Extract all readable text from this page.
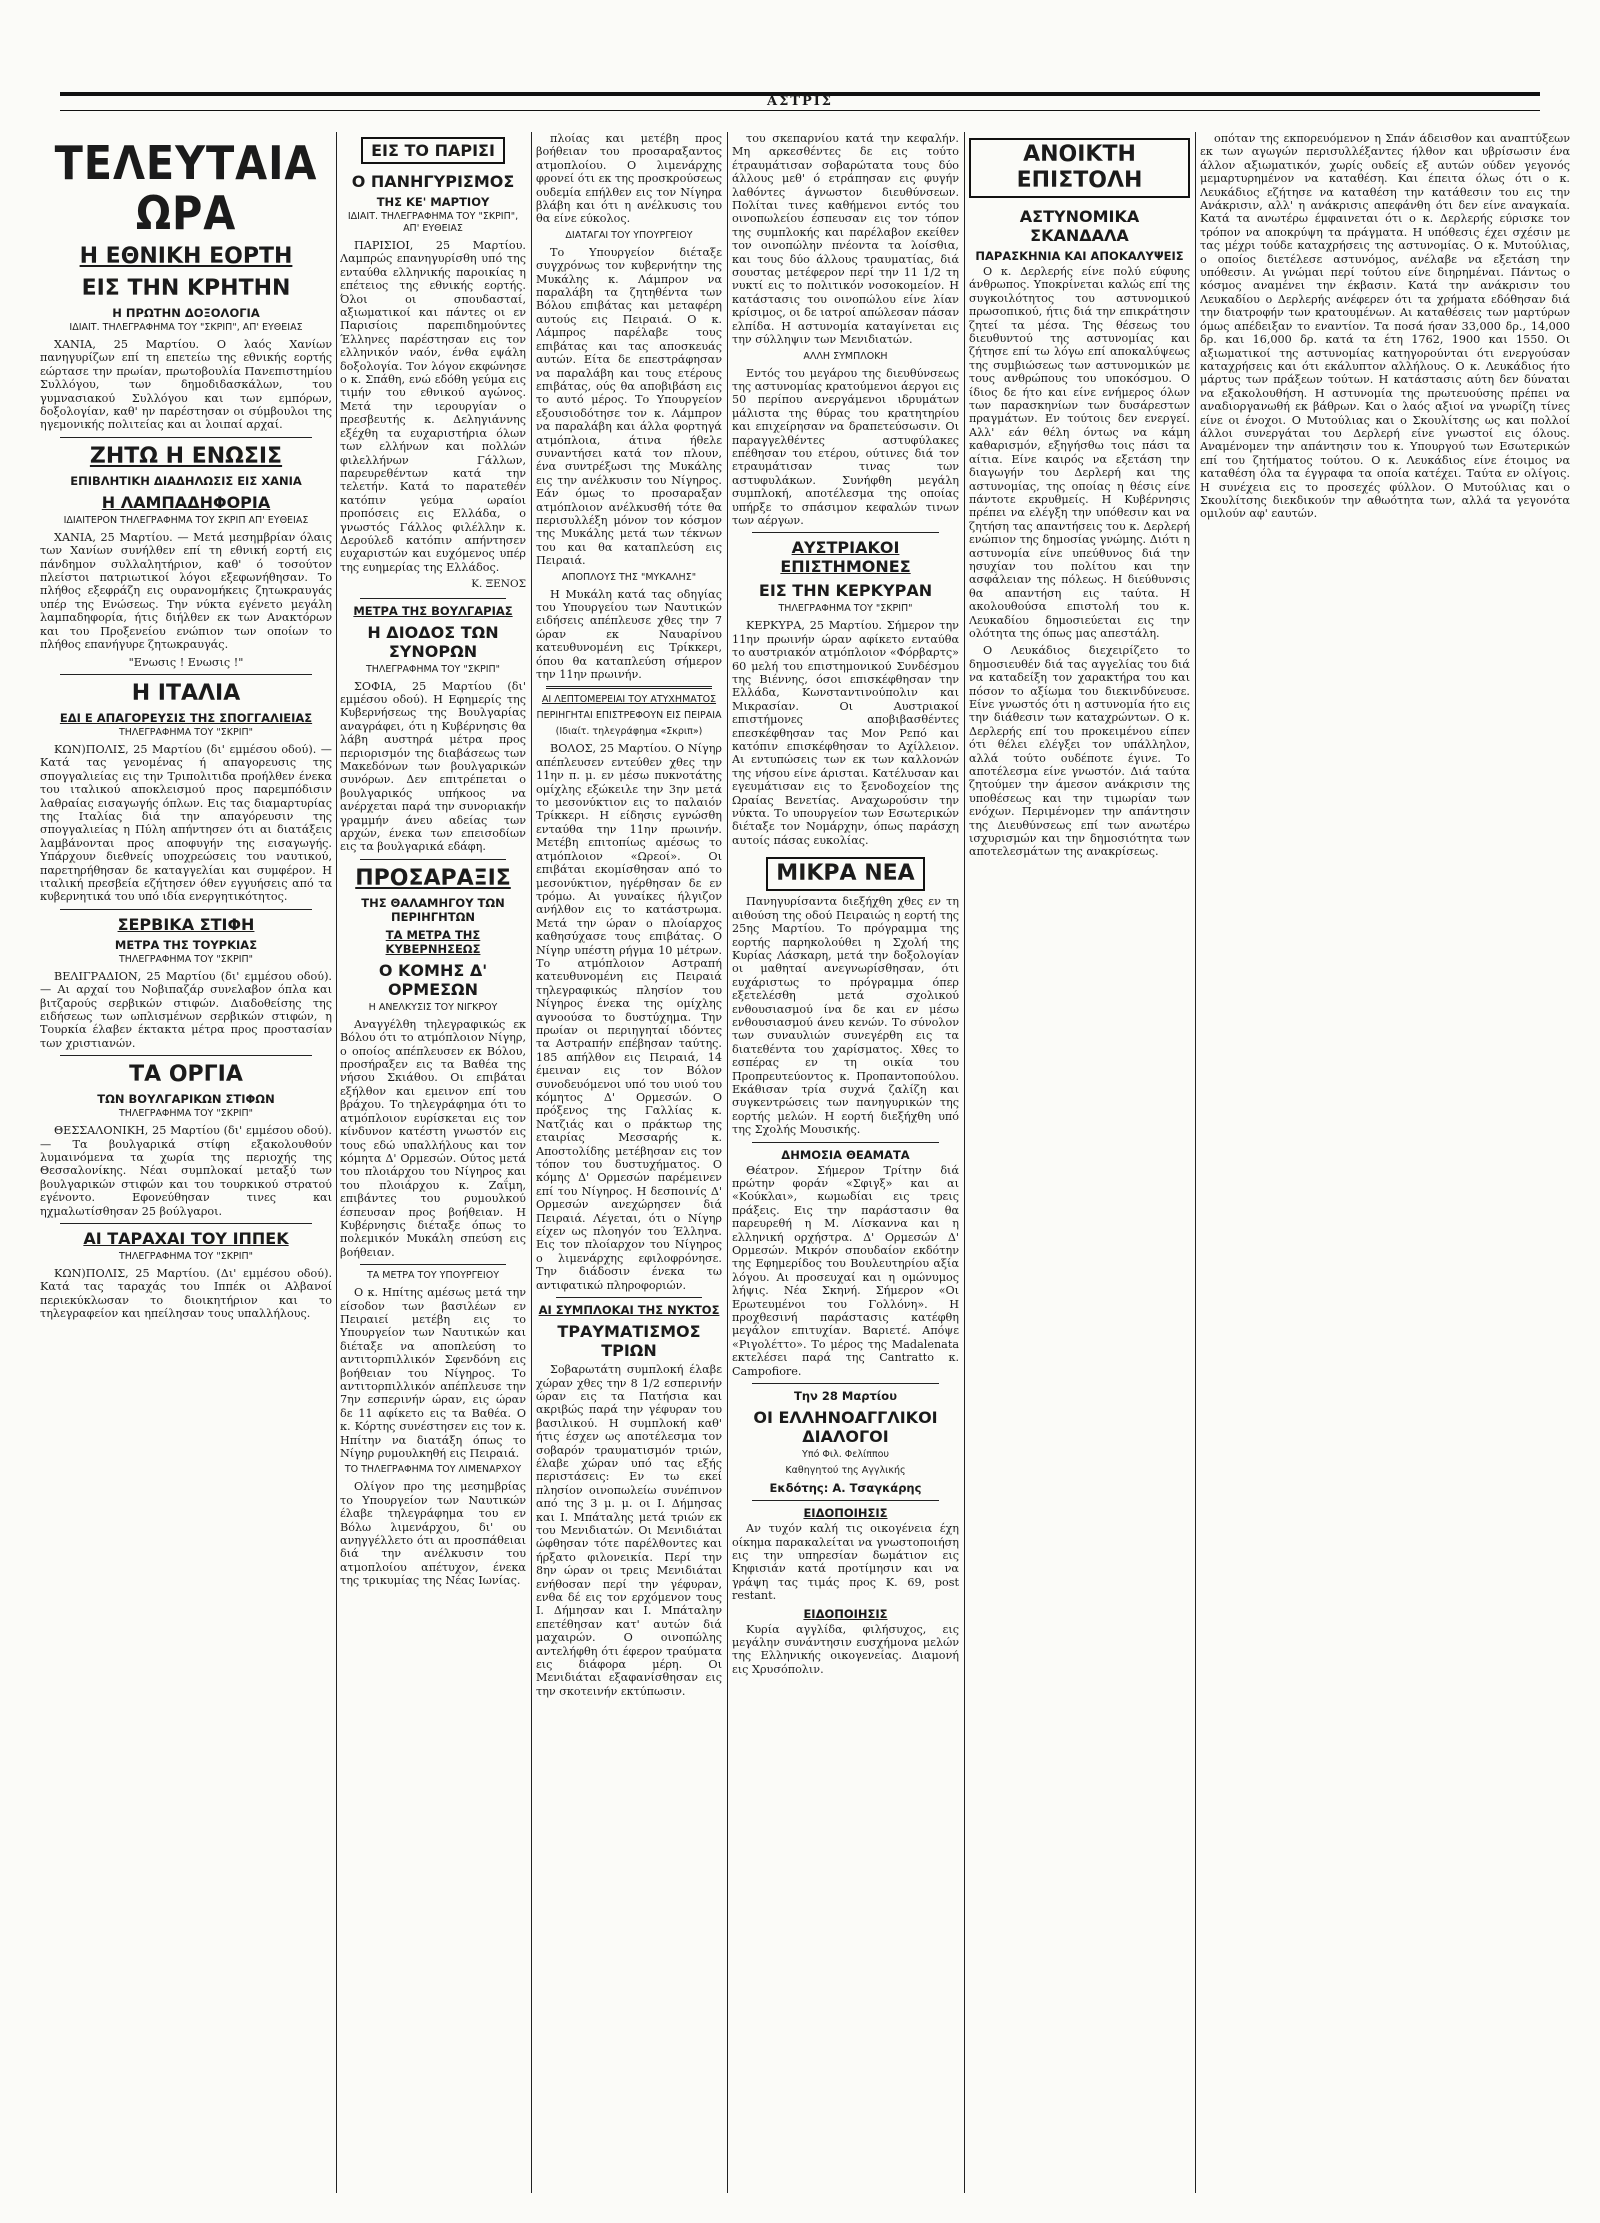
ΑΣΤΡΙΣ
ΤΕΛΕΥΤΑΙΑ ΩΡΑ
Η ΕΘΝΙΚΗ ΕΟΡΤΗ
ΕΙΣ ΤΗΝ ΚΡΗΤΗΝ
Η ΠΡΩΤΗΝ ΔΟΞΟΛΟΓΙΑ
ΙΔΙΑΙΤ. ΤΗΛΕΓΡΑΦΗΜΑ ΤΟΥ "ΣΚΡΙΠ", ΑΠ' ΕΥΘΕΙΑΣ

ΧΑΝΙΑ, 25 Μαρτίου. Ο λαός Χανίων πανηγυρίζων επί τη επετείω της εθνικής εορτής εώρτασε την πρωίαν, πρωτοβουλία Πανεπιστημίου Συλλόγου, των δημοδιδασκάλων, του γυμνασιακού Συλλόγου και των εμπόρων, δοξολογίαν, καθ' ην παρέστησαν οι σύμβουλοι της ηγεμονικής πολιτείας και αι λοιπαί αρχαί.

ΖΗΤΩ Η ΕΝΩΣΙΣ
ΕΠΙΒΛΗΤΙΚΗ ΔΙΑΔΗΛΩΣΙΣ ΕΙΣ ΧΑΝΙΑ
Η ΛΑΜΠΑΔΗΦΟΡΙΑ
ΙΔΙΑΙΤΕΡΟΝ ΤΗΛΕΓΡΑΦΗΜΑ ΤΟΥ ΣΚΡΙΠ ΑΠ' ΕΥΘΕΙΑΣ

ΧΑΝΙΑ, 25 Μαρτίου. — Μετά μεσημβρίαν όλαις των Χανίων συνήλθεν επί τη εθνική εορτή εις πάνδημον συλλαλητήριον, καθ' ό τοσούτον πλείστοι πατριωτικοί λόγοι εξεφωνήθησαν. Το πλήθος εξεφράζη εις ουρανομήκεις ζητωκραυγάς υπέρ της Ενώσεως. Την νύκτα εγένετο μεγάλη λαμπαδηφορία, ήτις διήλθεν εκ των Ανακτόρων και του Προξενείου ενώπιον των οποίων το πλήθος επανήγυρε ζητωκραυγάς.

"Ενωσις ! Ενωσις !"
Η ΙΤΑΛΙΑ
ΕΔΙ Ε ΑΠΑΓΟΡΕΥΣΙΣ ΤΗΣ ΣΠΟΓΓΑΛΙΕΙΑΣ
ΤΗΛΕΓΡΑΦΗΜΑ ΤΟΥ "ΣΚΡΙΠ"

ΚΩΝ)ΠΟΛΙΣ, 25 Μαρτίου (δι' εμμέσου οδού). — Κατά τας γενομένας ή απαγορευσις της σπογγαλιείας εις την Τριπολιτιδα προήλθεν ένεκα του ιταλικού αποκλεισμού προς παρεμπόδισιν λαθραίας εισαγωγής όπλων. Εις τας διαμαρτυρίας της Ιταλίας διά την απαγόρευσιν της σπογγαλιείας η Πύλη απήντησεν ότι αι διατάξεις λαμβάνονται προς αποφυγήν της εισαγωγής. Υπάρχουν διεθνείς υποχρεώσεις του ναυτικού, παρετηρήθησαν δε καταγγελίαι και συμφέρον. Η ιταλική πρεσβεία εζήτησεν όθεν εγγυήσεις από τα κυβερνητικά του υπό ιδία ενεργητικότητος.

ΣΕΡΒΙΚΑ ΣΤΙΦΗ
ΜΕΤΡΑ ΤΗΣ ΤΟΥΡΚΙΑΣ
ΤΗΛΕΓΡΑΦΗΜΑ ΤΟΥ "ΣΚΡΙΠ"

ΒΕΛΙΓΡΑΔΙΟΝ, 25 Μαρτίου (δι' εμμέσου οδού). — Αι αρχαί του Νοβιπαζάρ συνελαβον όπλα και βιτζαρούς σερβικών στιφών. Διαδοθείσης της ειδήσεως των ωπλισμένων σερβικών στιφών, η Τουρκία έλαβεν έκτακτα μέτρα προς προστασίαν των χριστιανών.

ΤΑ ΟΡΓΙΑ
ΤΩΝ ΒΟΥΛΓΑΡΙΚΩΝ ΣΤΙΦΩΝ
ΤΗΛΕΓΡΑΦΗΜΑ ΤΟΥ "ΣΚΡΙΠ"

ΘΕΣΣΑΛΟΝΙΚΗ, 25 Μαρτίου (δι' εμμέσου οδού). — Τα βουλγαρικά στίφη εξακολουθούν λυμαινόμενα τα χωρία της περιοχής της Θεσσαλονίκης. Νέαι συμπλοκαί μεταξύ των βουλγαρικών στιφών και του τουρκικού στρατού εγένοντο. Εφονεύθησαν τινες και ηχμαλωτίσθησαν 25 βούλγαροι.

ΑΙ ΤΑΡΑΧΑΙ ΤΟΥ ΙΠΠΕΚ
ΤΗΛΕΓΡΑΦΗΜΑ ΤΟΥ "ΣΚΡΙΠ"

ΚΩΝ)ΠΟΛΙΣ, 25 Μαρτίου. (Δι' εμμέσου οδού). Κατά τας ταραχάς του Ιππέκ οι Αλβανοί περιεκύκλωσαν το διοικητήριον και το τηλεγραφείον και ηπείλησαν τους υπαλλήλους.

ΕΙΣ ΤΟ ΠΑΡΙΣΙ
Ο ΠΑΝΗΓΥΡΙΣΜΟΣ
ΤΗΣ ΚΕ' ΜΑΡΤΙΟΥ
ΙΔΙΑΙΤ. ΤΗΛΕΓΡΑΦΗΜΑ ΤΟΥ "ΣΚΡΙΠ", ΑΠ' ΕΥΘΕΙΑΣ

ΠΑΡΙΣΙΟΙ, 25 Μαρτίου. Λαμπρώς επανηγυρίσθη υπό της ενταύθα ελληνικής παροικίας η επέτειος της εθνικής εορτής. Όλοι οι σπουδασταί, αξιωματικοί και πάντες οι εν Παρισίοις παρεπιδημούντες Έλληνες παρέστησαν εις τον ελληνικόν ναόν, ένθα εψάλη δοξολογία. Τον λόγον εκφώνησε ο κ. Σπάθη, ενώ εδόθη γεύμα εις τιμήν του εθνικού αγώνος. Μετά την ιερουργίαν ο πρεσβευτής κ. Δεληγιάννης εξέχθη τα ευχαριστήρια όλων των ελλήνων και πολλών φιλελλήνων Γάλλων, παρευρεθέντων κατά την τελετήν. Κατά το παρατεθέν κατόπιν γεύμα ωραίοι προπόσεις εις Ελλάδα, ο γνωστός Γάλλος φιλέλλην κ. Δερούλεδ κατόπιν απήντησεν ευχαριστών και ευχόμενος υπέρ της ευημερίας της Ελλάδος.

Κ. ΞΕΝΟΣ
ΜΕΤΡΑ ΤΗΣ ΒΟΥΛΓΑΡΙΑΣ
Η ΔΙΟΔΟΣ ΤΩΝ ΣΥΝΟΡΩΝ
ΤΗΛΕΓΡΑΦΗΜΑ ΤΟΥ "ΣΚΡΙΠ"

ΣΟΦΙΑ, 25 Μαρτίου (δι' εμμέσου οδού). Η Εφημερίς της Κυβερνήσεως της Βουλγαρίας αναγράφει, ότι η Κυβέρνησις θα λάβη αυστηρά μέτρα προς περιορισμόν της διαβάσεως των Μακεδόνων των βουλγαρικών συνόρων. Δεν επιτρέπεται ο βουλγαρικός υπήκοος να ανέρχεται παρά την συνοριακήν γραμμήν άνευ αδείας των αρχών, ένεκα των επεισοδίων εις τα βουλγαρικά εδάφη.

ΠΡΟΣΑΡΑΞΙΣ
ΤΗΣ ΘΑΛΑΜΗΓΟΥ ΤΩΝ ΠΕΡΙΗΓΗΤΩΝ
ΤΑ ΜΕΤΡΑ ΤΗΣ ΚΥΒΕΡΝΗΣΕΩΣ
Ο ΚΟΜΗΣ Δ' ΟΡΜΕΣΩΝ
Η ΑΝΕΛΚΥΣΙΣ ΤΟΥ ΝΙΓΚΡΟΥ

Αναγγέλθη τηλεγραφικώς εκ Βόλου ότι το ατμόπλοιον Νίγηρ, ο οποίος απέπλευσεν εκ Βόλου, προσήραξεν εις τα Βαθέα της νήσου Σκιάθου. Οι επιβάται εξήλθον και εμεινον επί του βράχου. Το τηλεγράφημα ότι το ατμόπλοιον ευρίσκεται εις τον κίνδυνον κατέστη γνωστόν εις τους εδώ υπαλλήλους και τον κόμητα Δ' Ορμεσών. Ούτος μετά του πλοιάρχου του Νίγηρος και του πλοιάρχου κ. Ζαΐμη, επιβάντες του ρυμουλκού έσπευσαν προς βοήθειαν. Η Κυβέρνησις διέταξε όπως το πολεμικόν Μυκάλη σπεύση εις βοήθειαν.

ΤΑ ΜΕΤΡΑ ΤΟΥ ΥΠΟΥΡΓΕΙΟΥ

Ο κ. Ηπίτης αμέσως μετά την είσοδον των βασιλέων εν Πειραιεί μετέβη εις το Υπουργείον των Ναυτικών και διέταξε να αποπλεύση το αντιτορπιλλικόν Σφενδόνη εις βοήθειαν του Νίγηρος. Το αντιτορπιλλικόν απέπλευσε την 7ην εσπερινήν ώραν, εις ώραν δε 11 αφίκετο εις τα Βαθέα. Ο κ. Κόρτης συνέστησεν εις τον κ. Ηπίτην να διατάξη όπως το Νίγηρ ρυμουλκηθή εις Πειραιά.

ΤΟ ΤΗΛΕΓΡΑΦΗΜΑ ΤΟΥ ΛΙΜΕΝΑΡΧΟΥ

Ολίγον προ της μεσημβρίας το Υπουργείον των Ναυτικών έλαβε τηλεγράφημα του εν Βόλω λιμενάρχου, δι' ου ανηγγέλλετο ότι αι προσπάθειαι διά την ανέλκυσιν του ατμοπλοίου απέτυχον, ένεκα της τρικυμίας της Νέας Ιωνίας.

πλοίας και μετέβη προς βοήθειαν του προσαραξαντος ατμοπλοίου. Ο λιμενάρχης φρονεί ότι εκ της προσκρούσεως ουδεμία επήλθεν εις τον Νίγηρα βλάβη και ότι η ανέλκυσις του θα είνε εύκολος.

ΔΙΑΤΑΓΑΙ ΤΟΥ ΥΠΟΥΡΓΕΙΟΥ

Το Υπουργείον διέταξε συγχρόνως τον κυβερνήτην της Μυκάλης κ. Λάμπρον να παραλάβη τα ζητηθέντα των Βόλου επιβάτας και μεταφέρη αυτούς εις Πειραιά. Ο κ. Λάμπρος παρέλαβε τους επιβάτας και τας αποσκευάς αυτών. Είτα δε επεστράφησαν να παραλάβη και τους ετέρους επιβάτας, ούς θα αποβιβάση εις το αυτό μέρος. Το Υπουργείον εξουσιοδότησε τον κ. Λάμπρον να παραλάβη και άλλα φορτηγά ατμόπλοια, άτινα ήθελε συναντήσει κατά τον πλουν, ένα συντρέξωσι της Μυκάλης εις την ανέλκυσιν του Νίγηρος. Εάν όμως το προσαραξαν ατμόπλοιον ανέλκυσθή τότε θα περισυλλέξη μόνον τον κόσμον της Μυκάλης μετά των τέκνων του και θα καταπλεύση εις Πειραιά.

ΑΠΟΠΛΟΥΣ ΤΗΣ "ΜΥΚΑΛΗΣ"

Η Μυκάλη κατά τας οδηγίας του Υπουργείου των Ναυτικών ειδήσεις απέπλευσε χθες την 7 ώραν εκ Ναυαρίνου κατευθυνομένη εις Τρίκκερι, όπου θα καταπλεύση σήμερον την 11ην πρωινήν.

ΑΙ ΛΕΠΤΟΜΕΡΕΙΑΙ ΤΟΥ ΑΤΥΧΗΜΑΤΟΣ
ΠΕΡΙΗΓΗΤΑΙ ΕΠΙΣΤΡΕΦΟΥΝ ΕΙΣ ΠΕΙΡΑΙΑ
(Ιδιαίτ. τηλεγράφημα «Σκριπ»)

ΒΟΛΟΣ, 25 Μαρτίου. Ο Νίγηρ απέπλευσεν εντεύθεν χθες την 11ην π. μ. εν μέσω πυκνοτάτης ομίχλης εξώκειλε την 3ην μετά το μεσονύκτιον εις το παλαιόν Τρίκκερι. Η είδησις εγνώσθη ενταύθα την 11ην πρωινήν. Μετέβη επιτοπίως αμέσως το ατμόπλοιον «Ωρεοί». Οι επιβάται εκομίσθησαν από το μεσονύκτιον, ηγέρθησαν δε εν τρόμω. Αι γυναίκες ήλγιζον ανήλθον εις το κατάστρωμα. Μετά την ώραν ο πλοίαρχος καθησύχασε τους επιβάτας. Ο Νίγηρ υπέστη ρήγμα 10 μέτρων. Το ατμόπλοιον Αστραπή κατευθυνομένη εις Πειραιά τηλεγραφικώς πλησίον του Νίγηρος ένεκα της ομίχλης αγνοούσα το δυστύχημα. Την πρωίαν οι περιηγηταί ιδόντες τα Αστραπήν επέβησαν ταύτης. 185 απήλθον εις Πειραιά, 14 έμειναν εις τον Βόλον συνοδευόμενοι υπό του υιού του κόμητος Δ' Ορμεσών. Ο πρόξενος της Γαλλίας κ. Νατζιάς και ο πράκτωρ της εταιρίας Μεσσαρής κ. Αποστολίδης μετέβησαν εις τον τόπον του δυστυχήματος. Ο κόμης Δ' Ορμεσών παρέμεινεν επί του Νίγηρος. Η δεσποινίς Δ' Ορμεσών ανεχώρησεν διά Πειραιά. Λέγεται, ότι ο Νίγηρ είχεν ως πλοηγόν του Έλληνα. Εις τον πλοίαρχον του Νίγηρος ο λιμενάρχης εφιλοφρόνησε. Την διάδοσιν ένεκα τω αντιφατικώ πληροφοριών.

ΑΙ ΣΥΜΠΛΟΚΑΙ ΤΗΣ ΝΥΚΤΟΣ
ΤΡΑΥΜΑΤΙΣΜΟΣ ΤΡΙΩΝ

Σοβαρωτάτη συμπλοκή έλαβε χώραν χθες την 8 1/2 εσπερινήν ώραν εις τα Πατήσια και ακριβώς παρά την γέφυραν του βασιλικού. Η συμπλοκή καθ' ήτις έσχεν ως αποτέλεσμα τον σοβαρόν τραυματισμόν τριών, έλαβε χώραν υπό τας εξής περιστάσεις: Εν τω εκεί πλησίον οινοπωλείω συνέπινον από της 3 μ. μ. οι Ι. Δήμησας και Ι. Μπάταλης μετά τριών εκ του Μενιδιατών. Οι Μενιδιάται ώφθησαν τότε παρέλθοντες και ήρξατο φιλονεικία. Περί την 8ην ώραν οι τρεις Μενιδιάται ενήθοσαν περί την γέφυραν, ενθα δέ εις τον ερχόμενον τους Ι. Δήμησαν και Ι. Μπάταλην επετέθησαν κατ' αυτών διά μαχαιρών. Ο οινοπώλης αντελήφθη ότι έφερον τραύματα εις διάφορα μέρη. Οι Μενιδιάται εξαφανίσθησαν εις την σκοτεινήν εκτύπωσιν.

του σκεπαρνίου κατά την κεφαλήν. Μη αρκεσθέντες δε εις τούτο έτραυμάτισαν σοβαρώτατα τους δύο άλλους μεθ' ό ετράπησαν εις φυγήν λαθόντες άγνωστον διευθύνσεων. Πολίται τινες καθήμενοι εντός του οινοπωλείου έσπευσαν εις τον τόπον της συμπλοκής και παρέλαβον εκείθεν τον οινοπώλην πνέοντα τα λοίσθια, και τους δύο άλλους τραυματίας, διά σουστας μετέφερον περί την 11 1/2 τη νυκτί εις το πολιτικόν νοσοκομείον. Η κατάστασις του οινοπώλου είνε λίαν κρίσιμος, οι δε ιατροί απώλεσαν πάσαν ελπίδα. Η αστυνομία καταγίνεται εις την σύλληψιν των Μενιδιατών.

ΑΛΛΗ ΣΥΜΠΛΟΚΗ

Εντός του μεγάρου της διευθύνσεως της αστυνομίας κρατούμενοι άεργοι εις 50 περίπου ανεργάμενοι ιδρυμάτων μάλιστα της θύρας του κρατητηρίου και επιχείρησαν να δραπετεύσωσιν. Οι παραγγελθέντες αστυφύλακες επέθησαν του ετέρου, ούτινες διά τον ετραυμάτισαν τινας των αστυφυλάκων. Συνήφθη μεγάλη συμπλοκή, αποτέλεσμα της οποίας υπήρξε το σπάσιμον κεφαλών τινων των αέργων.

ΑΥΣΤΡΙΑΚΟΙ ΕΠΙΣΤΗΜΟΝΕΣ
ΕΙΣ ΤΗΝ ΚΕΡΚΥΡΑΝ
ΤΗΛΕΓΡΑΦΗΜΑ ΤΟΥ "ΣΚΡΙΠ"

ΚΕΡΚΥΡΑ, 25 Μαρτίου. Σήμερον την 11ην πρωινήν ώραν αφίκετο ενταύθα το αυστριακόν ατμόπλοιον «Φόρβαρτς» 60 μελή του επιστημονικού Συνδέσμου της Βιέννης, όσοι επισκέφθησαν την Ελλάδα, Κωνσταντινούπολιν και Μικρασίαν. Οι Αυστριακοί επιστήμονες αποβιβασθέντες επεσκέφθησαν τας Μον Ρεπό και κατόπιν επισκέφθησαν το Αχίλλειον. Αι εντυπώσεις των εκ των καλλονών της νήσου είνε άρισται. Κατέλυσαν και εγευμάτισαν εις το ξενοδοχείον της Ωραίας Βενετίας. Αναχωρούσιν την νύκτα. Το υπουργείον των Εσωτερικών διέταξε τον Νομάρχην, όπως παράσχη αυτοίς πάσας ευκολίας.

ΜΙΚΡΑ ΝΕΑ

Πανηγυρίσαντα διεξήχθη χθες εν τη αιθούση της οδού Πειραιώς η εορτή της 25ης Μαρτίου. Το πρόγραμμα της εορτής παρηκολούθει η Σχολή της Κυρίας Λάσκαρη, μετά την δοξολογίαν οι μαθηταί ανεγνωρίσθησαν, ότι ευχάριστως το πρόγραμμα όπερ εξετελέσθη μετά σχολικού ενθουσιασμού ίνα δε και εν μέσω ενθουσιασμού άνευ κενών. Το σύνολον των συναυλιών συνεγέρθη εις τα διατεθέντα του χαρίσματος. Χθες το εσπέρας εν τη οικία του Προπρευτεύοντος κ. Προπαντοπούλου. Εκάθισαν τρία συχνά ζαλίζη και συγκεντρώσεις των πανηγυρικών της εορτής μελών. Η εορτή διεξήχθη υπό της Σχολής Μουσικής.

ΔΗΜΟΣΙΑ ΘΕΑΜΑΤΑ

Θέατρον. Σήμερον Τρίτην διά πρώτην φοράν «Σφιγξ» και αι «Κούκλαι», κωμωδίαι εις τρεις πράξεις. Εις την παράστασιν θα παρευρεθή η Μ. Λίσκαννα και η ελληνική ορχήστρα. Δ' Ορμεσών Δ' Ορμεσών. Μικρόν σπουδαίον εκδότην της Εφημερίδος του Βουλευτηρίου αξία λόγου. Αι προσευχαί και η ομώνυμος λήψις. Νέα Σκηνή. Σήμερον «Οι Ερωτευμένοι του Γολλόνη». Η προχθεσινή παράστασις κατέφθη μεγάλον επιτυχίαν. Βαριετέ. Απόψε «Ριγολέττο». Το μέρος της Madalenata εκτελέσει παρά της Cantratto κ. Campofiore.

Την 28 Μαρτίου
ΟΙ ΕΛΛΗΝΟΑΓΓΛΙΚΟΙ ΔΙΑΛΟΓΟΙ
Υπό Φιλ. Φελίππου
Καθηγητού της Αγγλικής
Εκδότης: Α. Τσαγκάρης
ΕΙΔΟΠΟΙΗΣΙΣ

Αν τυχόν καλή τις οικογένεια έχη οίκημα παρακαλείται να γνωστοποιήση εις την υπηρεσίαν δωμάτιον εις Κηφισιάν κατά προτίμησιν και να γράψη τας τιμάς προς Κ. 69, post restant.

ΕΙΔΟΠΟΙΗΣΙΣ

Κυρία αγγλίδα, φιλήσυχος, εις μεγάλην συνάντησιν ευσχήμονα μελών της Ελληνικής οικογενείας. Διαμονή εις Χρυσόπολιν.

ΑΝΟΙΚΤΗ ΕΠΙΣΤΟΛΗ
ΑΣΤΥΝΟΜΙΚΑ ΣΚΑΝΔΑΛΑ
ΠΑΡΑΣΚΗΝΙΑ ΚΑΙ ΑΠΟΚΑΛΥΨΕΙΣ

Ο κ. Δερλερής είνε πολύ εύφυης άνθρωπος. Υποκρίνεται καλώς επί της συγκοιλότητος του αστυνομικού πρωσοπικού, ήτις διά την επικράτησιν ζητεί τα μέσα. Της θέσεως του διευθυντού της αστυνομίας και ζήτησε επί τω λόγω επί αποκαλύψεως της συμβιώσεως των αστυνομικών με τους ανθρώπους του υποκόσμου. Ο ίδιος δε ήτο και είνε ενήμερος όλων των παρασκηνίων των δυσάρεστων πραγμάτων. Εν τούτοις δεν ενεργεί. Αλλ' εάν θέλη όντως να κάμη καθαρισμόν, εξηγήσθω τοις πάσι τα αίτια. Είνε καιρός να εξετάση την διαγωγήν του Δερλερή και της αστυνομίας, της οποίας η θέσις είνε πάντοτε εκρυθμείς. Η Κυβέρνησις πρέπει να ελέγξη την υπόθεσιν και να ζητήση τας απαντήσεις του κ. Δερλερή ενώπιον της δημοσίας γνώμης. Διότι η αστυνομία είνε υπεύθυνος διά την ησυχίαν του πολίτου και την ασφάλειαν της πόλεως. Η διεύθυνσις θα απαντήση εις ταύτα. Η ακολουθούσα επιστολή του κ. Λευκαδίου δημοσιεύεται εις την ολότητα της όπως μας απεστάλη.

Ο Λευκάδιος διεχειρίζετο το δημοσιευθέν διά τας αγγελίας του διά να καταδείξη τον χαρακτήρα του και πόσον το αξίωμα του διεκινδύνευσε. Είνε γνωστός ότι η αστυνομία ήτο εις την διάθεσιν των καταχρώντων. Ο κ. Δερλερής επί του προκειμένου είπεν ότι θέλει ελέγξει τον υπάλληλον, αλλά τούτο ουδέποτε έγινε. Το αποτέλεσμα είνε γνωστόν. Διά ταύτα ζητούμεν την άμεσον ανάκρισιν της υποθέσεως και την τιμωρίαν των ενόχων. Περιμένομεν την απάντησιν της Διευθύνσεως επί των ανωτέρω ισχυρισμών και την δημοσιότητα των αποτελεσμάτων της ανακρίσεως.

οπόταν της εκπορευόμενον η Σπάν άδεισθον και αναπτύξεων εκ των αγωγών περισυλλέξαντες ήλθον και υβρίσωσιν ένα άλλον αξιωματικόν, χωρίς ουδείς εξ αυτών ούδεν γεγονός μεμαρτυρημένον να καταθέση. Και έπειτα όλως ότι ο κ. Λευκάδιος εζήτησε να καταθέση την κατάθεσιν του εις την Ανάκρισιν, αλλ' η ανάκρισις απεφάνθη ότι δεν είνε αναγκαία. Κατά τα ανωτέρω έμφαινεται ότι ο κ. Δερλερής εύρισκε τον τρόπον να αποκρύψη τα πράγματα. Η υπόθεσις έχει σχέσιν με τας μέχρι τούδε καταχρήσεις της αστυνομίας. Ο κ. Μυτούλιας, ο οποίος διετέλεσε αστυνόμος, ανέλαβε να εξετάση την υπόθεσιν. Αι γνώμαι περί τούτου είνε διηρημέναι. Πάντως ο κόσμος αναμένει την έκβασιν. Κατά την ανάκρισιν του Λευκαδίου ο Δερλερής ανέφερεν ότι τα χρήματα εδόθησαν διά την διατροφήν των κρατουμένων. Αι καταθέσεις των μαρτύρων όμως απέδειξαν το εναντίον. Τα ποσά ήσαν 33,000 δρ., 14,000 δρ. και 16,000 δρ. κατά τα έτη 1762, 1900 και 1550. Οι αξιωματικοί της αστυνομίας κατηγορούνται ότι ενεργούσαν καταχρήσεις και ότι εκάλυπτον αλλήλους. Ο κ. Λευκάδιος ήτο μάρτυς των πράξεων τούτων. Η κατάστασις αύτη δεν δύναται να εξακολουθήση. Η αστυνομία της πρωτευούσης πρέπει να αναδιοργανωθή εκ βάθρων. Και ο λαός αξιοί να γνωρίζη τίνες είνε οι ένοχοι. Ο Μυτούλιας και ο Σκουλίτσης ως και πολλοί άλλοι συνεργάται του Δερλερή είνε γνωστοί εις όλους. Αναμένομεν την απάντησιν του κ. Υπουργού των Εσωτερικών επί του ζητήματος τούτου. Ο κ. Λευκάδιος είνε έτοιμος να καταθέση όλα τα έγγραφα τα οποία κατέχει. Ταύτα εν ολίγοις. Η συνέχεια εις το προσεχές φύλλον. Ο Μυτούλιας και ο Σκουλίτσης διεκδικούν την αθωότητα των, αλλά τα γεγονότα ομιλούν αφ' εαυτών.
